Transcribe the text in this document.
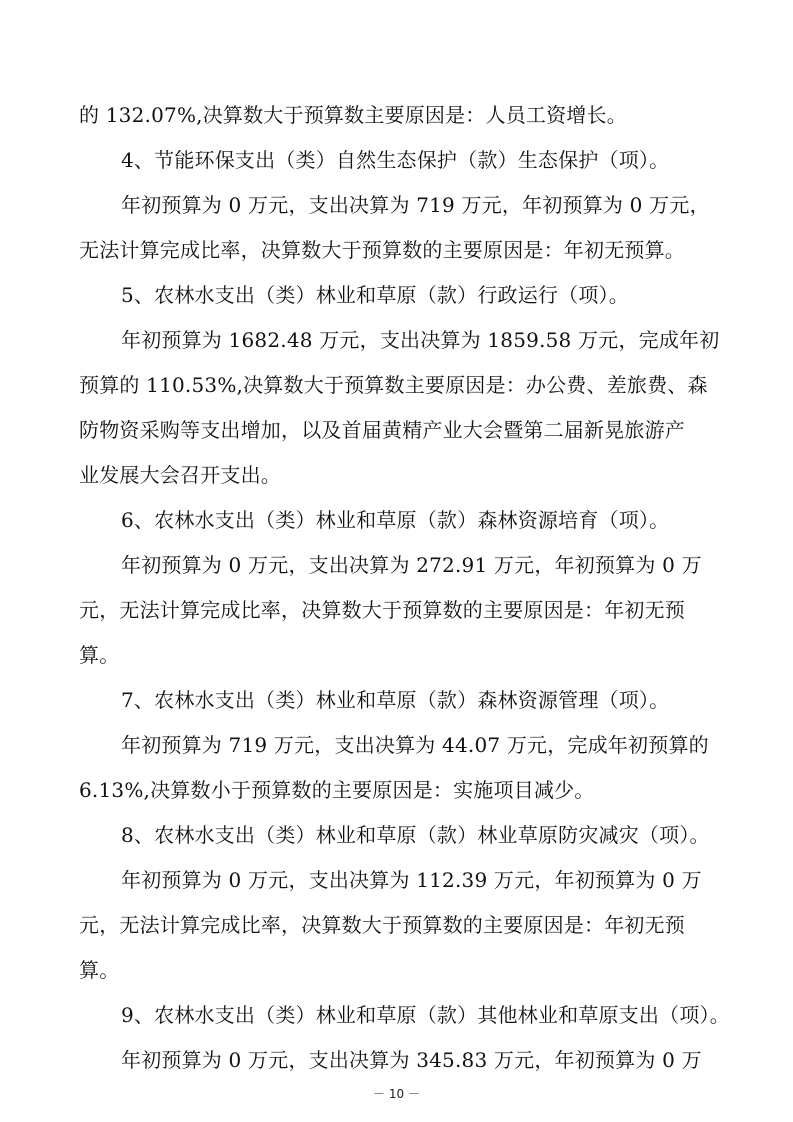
的 132.07%,决算数大于预算数主要原因是：人员工资增长。
4、节能环保支出（类）自然生态保护（款）生态保护（项）。
年初预算为 0 万元，支出决算为 719 万元，年初预算为 0 万元，
无法计算完成比率，决算数大于预算数的主要原因是：年初无预算。
5、农林水支出（类）林业和草原（款）行政运行（项）。
年初预算为 1682.48 万元，支出决算为 1859.58 万元，完成年初
预算的 110.53%,决算数大于预算数主要原因是：办公费、差旅费、森
防物资采购等支出增加，以及首届黄精产业大会暨第二届新晃旅游产
业发展大会召开支出。
6、农林水支出（类）林业和草原（款）森林资源培育（项）。
年初预算为 0 万元，支出决算为 272.91 万元，年初预算为 0 万
元，无法计算完成比率，决算数大于预算数的主要原因是：年初无预
算。
7、农林水支出（类）林业和草原（款）森林资源管理（项）。
年初预算为 719 万元，支出决算为 44.07 万元，完成年初预算的
6.13%,决算数小于预算数的主要原因是：实施项目减少。
8、农林水支出（类）林业和草原（款）林业草原防灾减灾（项）。
年初预算为 0 万元，支出决算为 112.39 万元，年初预算为 0 万
元，无法计算完成比率，决算数大于预算数的主要原因是：年初无预
算。
9、农林水支出（类）林业和草原（款）其他林业和草原支出（项）。
年初预算为 0 万元，支出决算为 345.83 万元，年初预算为 0 万
－ 10 －
